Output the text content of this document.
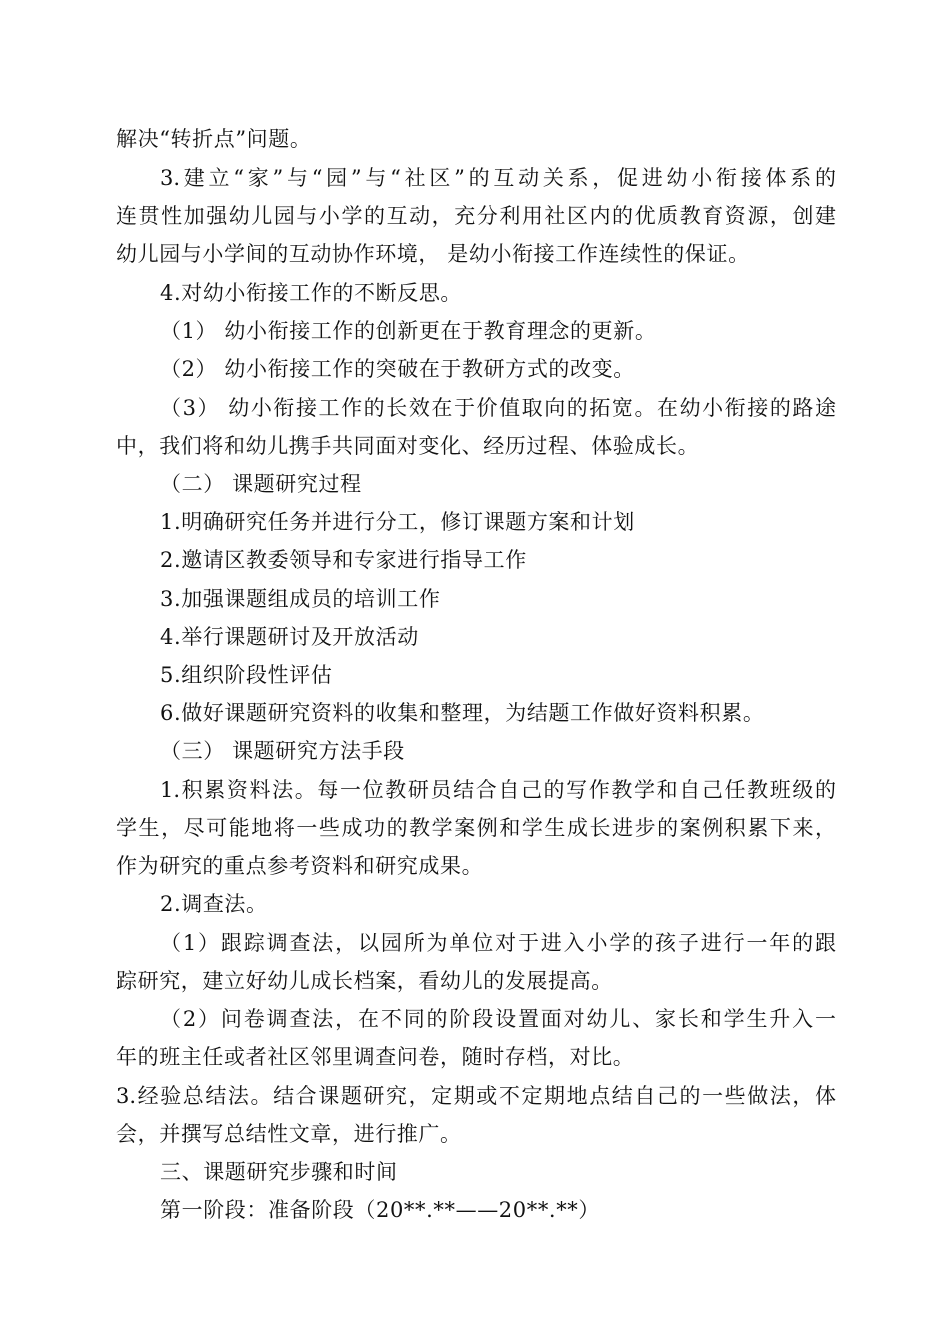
解决“转折点”问题。
3.建立“家”与“园”与“社区”的互动关系，促进幼小衔接体系的
连贯性加强幼儿园与小学的互动，充分利用社区内的优质教育资源，创建
幼儿园与小学间的互动协作环境， 是幼小衔接工作连续性的保证。
4.对幼小衔接工作的不断反思。
（1） 幼小衔接工作的创新更在于教育理念的更新。
（2） 幼小衔接工作的突破在于教研方式的改变。
（3） 幼小衔接工作的长效在于价值取向的拓宽。在幼小衔接的路途
中，我们将和幼儿携手共同面对变化、经历过程、体验成长。
（二） 课题研究过程
1.明确研究任务并进行分工，修订课题方案和计划
2.邀请区教委领导和专家进行指导工作
3.加强课题组成员的培训工作
4.举行课题研讨及开放活动
5.组织阶段性评估
6.做好课题研究资料的收集和整理，为结题工作做好资料积累。
（三） 课题研究方法手段
1.积累资料法。每一位教研员结合自己的写作教学和自己任教班级的
学生，尽可能地将一些成功的教学案例和学生成长进步的案例积累下来，
作为研究的重点参考资料和研究成果。
2.调查法。
（1）跟踪调查法，以园所为单位对于进入小学的孩子进行一年的跟
踪研究，建立好幼儿成长档案，看幼儿的发展提高。
（2）问卷调查法，在不同的阶段设置面对幼儿、家长和学生升入一
年的班主任或者社区邻里调查问卷，随时存档，对比。
3.经验总结法。结合课题研究，定期或不定期地点结自己的一些做法，体
会，并撰写总结性文章，进行推广。
三、课题研究步骤和时间
第一阶段：准备阶段（20**.**——20**.**）
